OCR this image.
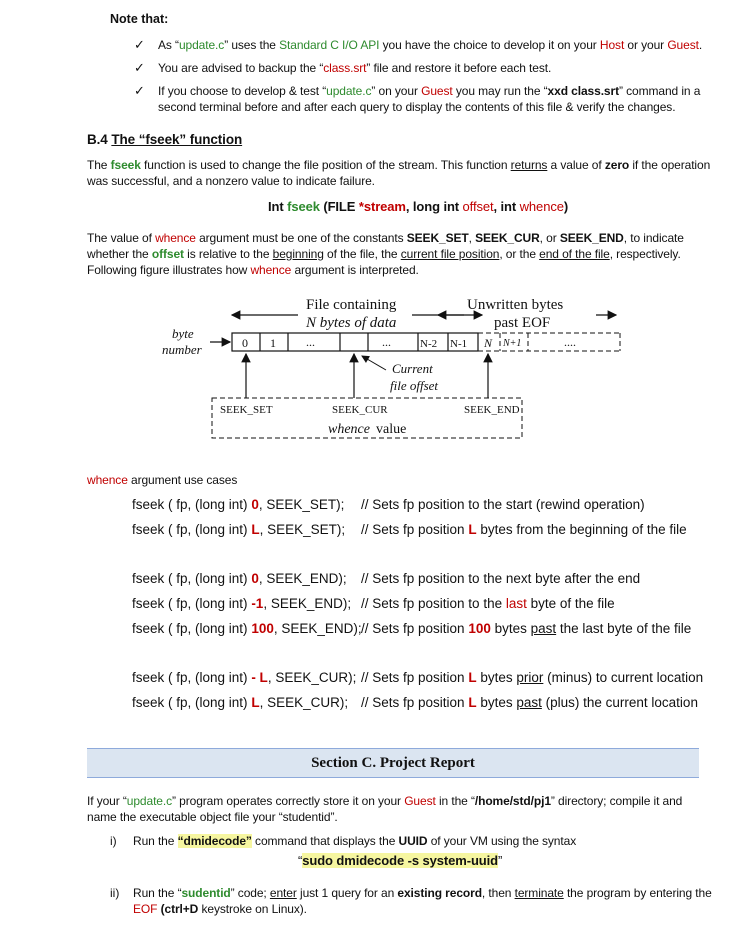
Note that:
✓ As “update.c” uses the Standard C I/O API you have the choice to develop it on your Host or your Guest.
✓ You are advised to backup the “class.srt” file and restore it before each test.
✓ If you choose to develop & test “update.c” on your Guest you may run the “xxd class.srt” command in a
second terminal before and after each query to display the contents of this file & verify the changes.
B.4 The “fseek” function
The fseek function is used to change the file position of the stream. This function returns a value of zero if the operation
was successful, and a nonzero value to indicate failure.
Int fseek (FILE *stream, long int offset, int whence)
The value of whence argument must be one of the constants SEEK_SET, SEEK_CUR, or SEEK_END, to indicate
whether the offset is relative to the beginning of the file, the current file position, or the end of the file, respectively.
Following figure illustrates how whence argument is interpreted.
File containing
N bytes of data
Unwritten bytes
past EOF
byte
number	0 1	...	...	N-2 N-1 N N+1	....
Current
file offset
SEEK_SET	SEEK_CUR	SEEK_END
whence value
whence argument use cases
fseek ( fp, (long int) 0, SEEK_SET); // Sets fp position to the start (rewind operation)
fseek ( fp, (long int) L, SEEK_SET); // Sets fp position L bytes from the beginning of the file
fseek ( fp, (long int) 0, SEEK_END); // Sets fp position to the next byte after the end
fseek ( fp, (long int) -1, SEEK_END); // Sets fp position to the last byte of the file
fseek ( fp, (long int) 100, SEEK_END); // Sets fp position 100 bytes past the last byte of the file
fseek ( fp, (long int) - L, SEEK_CUR); // Sets fp position L bytes prior (minus) to current location
fseek ( fp, (long int) L, SEEK_CUR); // Sets fp position L bytes past (plus) the current location
Section C. Project Report
If your “update.c” program operates correctly store it on your Guest in the “/home/std/pj1” directory; compile it and
name the executable object file your “studentid”.
i) Run the “dmidecode” command that displays the UUID of your VM using the syntax
“sudo dmidecode -s system-uuid”
ii) Run the “sudentid” code; enter just 1 query for an existing record, then terminate the program by entering the
EOF (ctrl+D keystroke on Linux).
